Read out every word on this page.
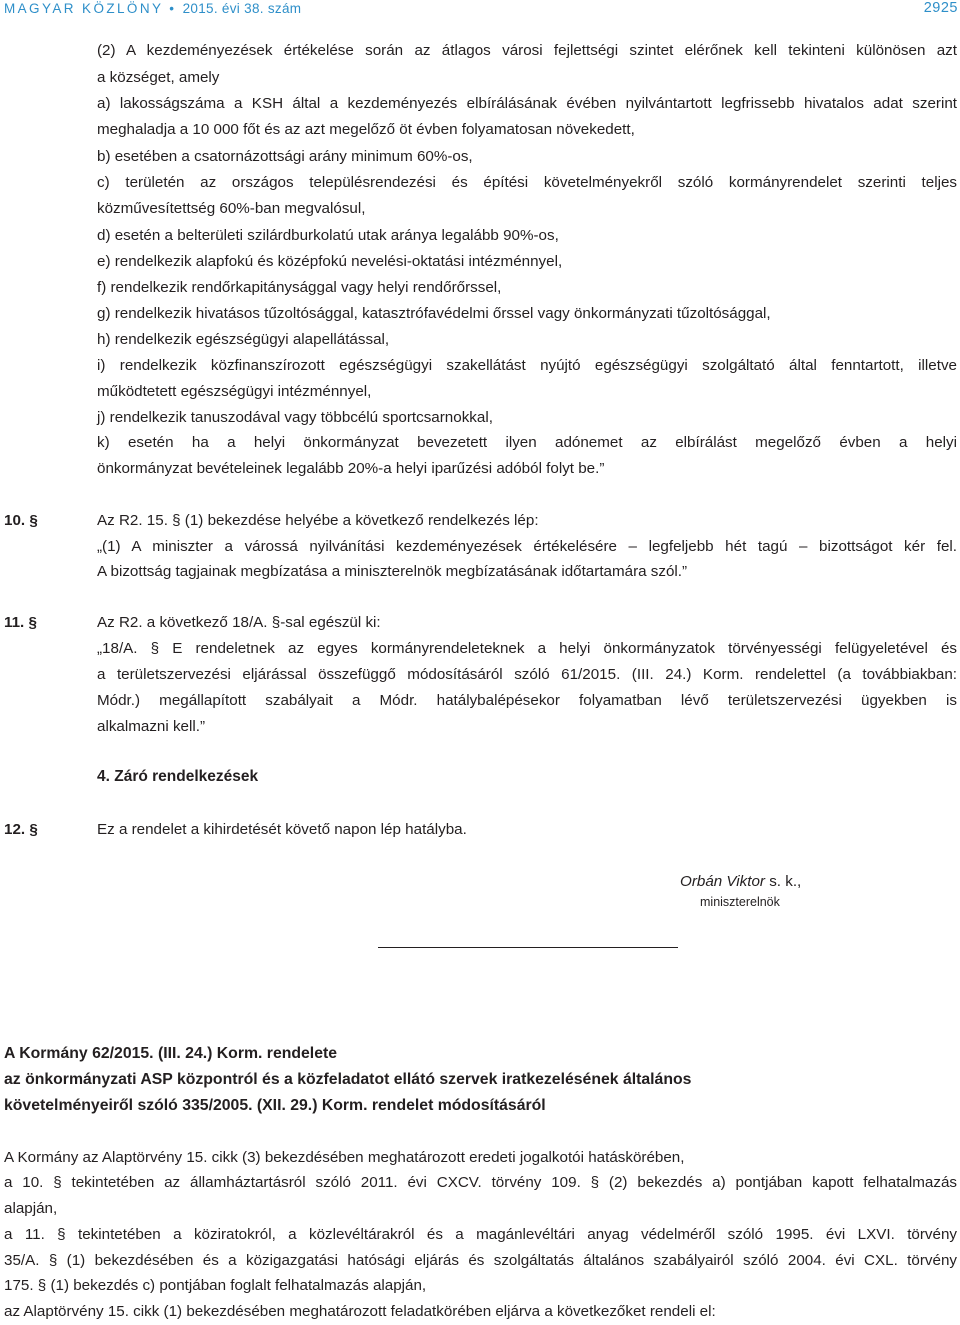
MAGYAR KÖZLÖNY • 2015. évi 38. szám	2925
(2) A kezdeményezések értékelése során az átlagos városi fejlettségi szintet elérőnek kell tekinteni különösen azt
a községet, amely
a) lakosságszáma a KSH által a kezdeményezés elbírálásának évében nyilvántartott legfrissebb hivatalos adat szerint
meghaladja a 10 000 főt és az azt megelőző öt évben folyamatosan növekedett,
b) esetében a csatornázottsági arány minimum 60%-os,
c) területén az országos településrendezési és építési követelményekről szóló kormányrendelet szerinti teljes
közművesítettség 60%-ban megvalósul,
d) esetén a belterületi szilárdburkolatú utak aránya legalább 90%-os,
e) rendelkezik alapfokú és középfokú nevelési-oktatási intézménnyel,
f) rendelkezik rendőrkapitánysággal vagy helyi rendőrőrssel,
g) rendelkezik hivatásos tűzoltósággal, katasztrófavédelmi őrssel vagy önkormányzati tűzoltósággal,
h) rendelkezik egészségügyi alapellátással,
i) rendelkezik közfinanszírozott egészségügyi szakellátást nyújtó egészségügyi szolgáltató által fenntartott, illetve
működtetett egészségügyi intézménnyel,
j) rendelkezik tanuszodával vagy többcélú sportcsarnokkal,
k) esetén ha a helyi önkormányzat bevezetett ilyen adónemet az elbírálást megelőző évben a helyi
önkormányzat bevételeinek legalább 20%-a helyi iparűzési adóból folyt be.”
10. §	Az R2. 15. § (1) bekezdése helyébe a következő rendelkezés lép:
„(1) A miniszter a várossá nyilvánítási kezdeményezések értékelésére – legfeljebb hét tagú – bizottságot kér fel.
A bizottság tagjainak megbízatása a miniszterelnök megbízatásának időtartamára szól.”
11. §	Az R2. a következő 18/A. §-sal egészül ki:
„18/A. § E rendeletnek az egyes kormányrendeleteknek a helyi önkormányzatok törvényességi felügyeletével és
a területszervezési eljárással összefüggő módosításáról szóló 61/2015. (III. 24.) Korm. rendelettel (a továbbiakban:
Módr.) megállapított szabályait a Módr. hatálybalépésekor folyamatban lévő területszervezési ügyekben is
alkalmazni kell.”
4. Záró rendelkezések
12. §	Ez a rendelet a kihirdetését követő napon lép hatályba.
Orbán Viktor s. k.,
miniszterelnök
A Kormány 62/2015. (III. 24.) Korm. rendelete
az önkormányzati ASP központról és a közfeladatot ellátó szervek iratkezelésének általános
követelményeiről szóló 335/2005. (XII. 29.) Korm. rendelet módosításáról
A Kormány az Alaptörvény 15. cikk (3) bekezdésében meghatározott eredeti jogalkotói hatáskörében,
a 10. § tekintetében az államháztartásról szóló 2011. évi CXCV. törvény 109. § (2) bekezdés a) pontjában kapott felhatalmazás
alapján,
a 11. § tekintetében a köziratokról, a közlevéltárakról és a magánlevéltári anyag védelméről szóló 1995. évi LXVI. törvény
35/A. § (1) bekezdésében és a közigazgatási hatósági eljárás és szolgáltatás általános szabályairól szóló 2004. évi CXL. törvény
175. § (1) bekezdés c) pontjában foglalt felhatalmazás alapján,
az Alaptörvény 15. cikk (1) bekezdésében meghatározott feladatkörében eljárva a következőket rendeli el:
